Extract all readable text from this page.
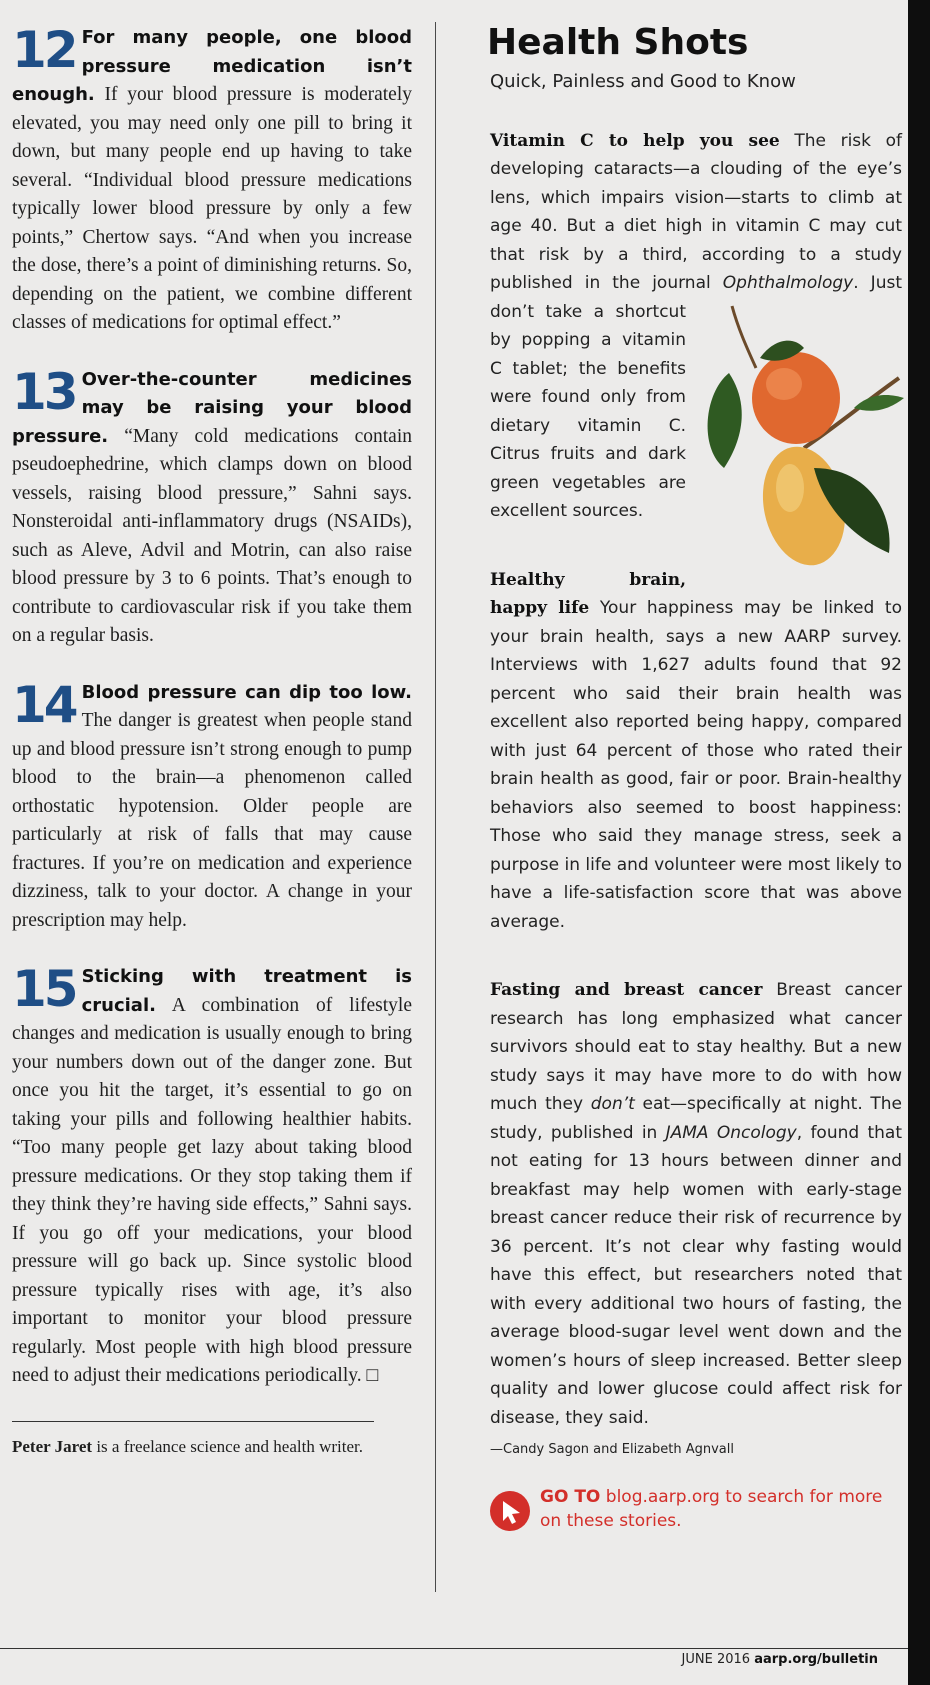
12 For many people, one blood pressure medication isn’t enough. If your blood pressure is moderately elevated, you may need only one pill to bring it down, but many people end up having to take several. “Individual blood pressure medications typically lower blood pressure by only a few points,” Chertow says. “And when you increase the dose, there’s a point of diminishing returns. So, depending on the patient, we combine different classes of medications for optimal effect.”

13 Over-the-counter medicines may be raising your blood pressure. “Many cold medications contain pseudoephedrine, which clamps down on blood vessels, raising blood pressure,” Sahni says. Nonsteroidal anti-inflammatory drugs (NSAIDs), such as Aleve, Advil and Motrin, can also raise blood pressure by 3 to 6 points. That’s enough to contribute to cardiovascular risk if you take them on a regular basis.

14 Blood pressure can dip too low. The danger is greatest when people stand up and blood pressure isn’t strong enough to pump blood to the brain—a phenomenon called orthostatic hypotension. Older people are particularly at risk of falls that may cause fractures. If you’re on medication and experience dizziness, talk to your doctor. A change in your prescription may help.

15 Sticking with treatment is crucial. A combination of lifestyle changes and medication is usually enough to bring your numbers down out of the danger zone. But once you hit the target, it’s essential to go on taking your pills and following healthier habits. “Too many people get lazy about taking blood pressure medications. Or they stop taking them if they think they’re having side effects,” Sahni says. If you go off your medications, your blood pressure will go back up. Since systolic blood pressure typically rises with age, it’s also important to monitor your blood pressure regularly. Most people with high blood pressure need to adjust their medications periodically. □

Peter Jaret is a freelance science and health writer.

Health Shots
Quick, Painless and Good to Know
Vitamin C to help you see The risk of developing cataracts—a clouding of the eye’s lens, which impairs vision—starts to climb at age 40. But a diet high in vitamin C may cut that risk by a third, according to a study published in the journal Ophthalmology. Just don’t take a shortcut by popping a vitamin C tablet; the benefits were found only from dietary vitamin C. Citrus fruits and dark green vegetables are excellent sources.
Healthy brain, happy life Your happiness may be linked to your brain health, says a new AARP survey. Interviews with 1,627 adults found that 92 percent who said their brain health was excellent also reported being happy, compared with just 64 percent of those who rated their brain health as good, fair or poor. Brain-healthy behaviors also seemed to boost happiness: Those who said they manage stress, seek a purpose in life and volunteer were most likely to have a life-satisfaction score that was above average.
Fasting and breast cancer Breast cancer research has long emphasized what cancer survivors should eat to stay healthy. But a new study says it may have more to do with how much they don’t eat—specifically at night. The study, published in JAMA Oncology, found that not eating for 13 hours between dinner and breakfast may help women with early-stage breast cancer reduce their risk of recurrence by 36 percent. It’s not clear why fasting would have this effect, but researchers noted that with every additional two hours of fasting, the average blood-sugar level went down and the women’s hours of sleep increased. Better sleep quality and lower glucose could affect risk for disease, they said.
—Candy Sagon and Elizabeth Agnvall
GO TO blog.aarp.org to search for more on these stories.
JUNE 2016 aarp.org/bulletin
